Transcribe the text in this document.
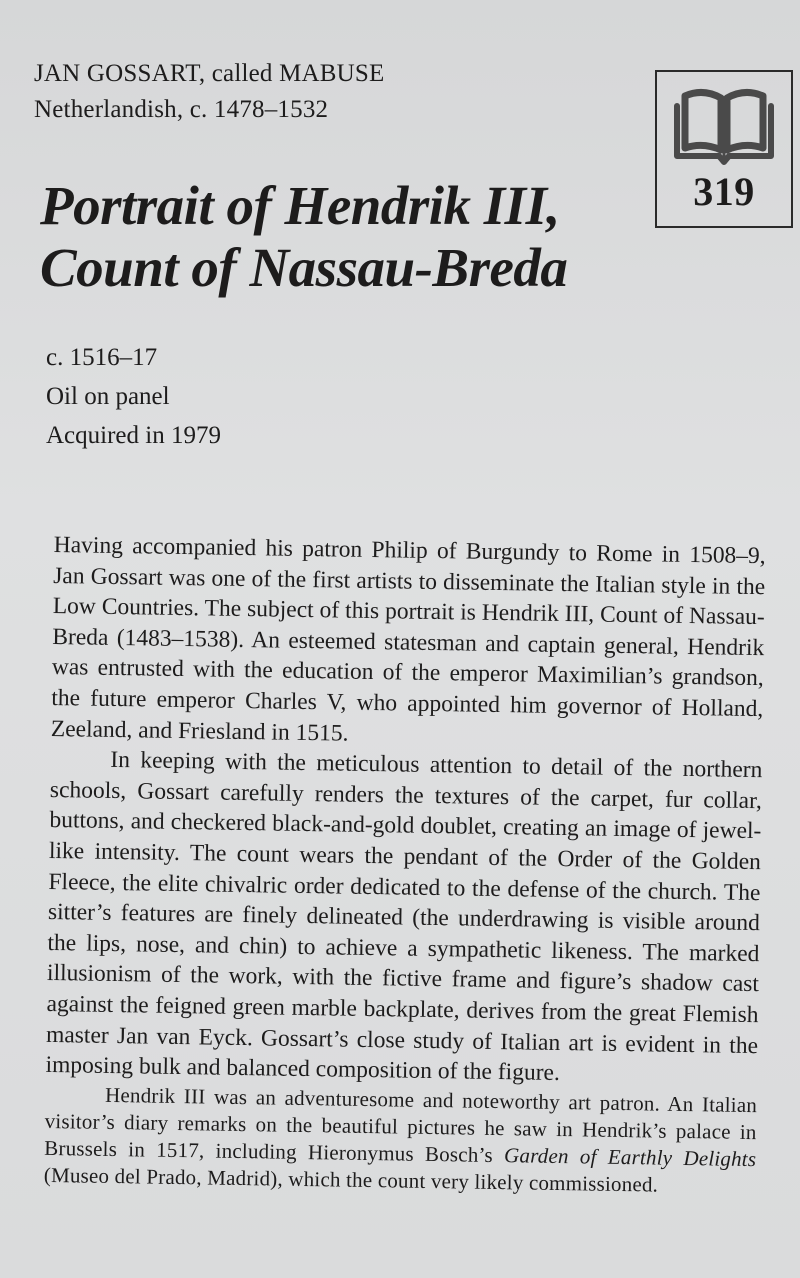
JAN GOSSART, called MABUSE
Netherlandish, c. 1478–1532
319
Portrait of Hendrik III,
Count of Nassau-Breda
c. 1516–17
Oil on panel
Acquired in 1979

Having accompanied his patron Philip of Burgundy to Rome in 1508–9, Jan Gossart was one of the first artists to disseminate the Italian style in the Low Countries. The subject of this portrait is Hendrik III, Count of Nassau-Breda (1483–1538). An esteemed statesman and captain general, Hendrik was entrusted with the education of the emperor Maximilian’s grandson, the future emperor Charles V, who appointed him governor of Holland, Zeeland, and Friesland in 1515.

In keeping with the meticulous attention to detail of the northern schools, Gossart carefully renders the textures of the carpet, fur collar, buttons, and checkered black-and-gold doublet, creating an image of jewel-like intensity. The count wears the pendant of the Order of the Golden Fleece, the elite chivalric order dedicated to the defense of the church. The sitter’s features are finely delineated (the underdrawing is visible around the lips, nose, and chin) to achieve a sympathetic likeness. The marked illusionism of the work, with the fictive frame and figure’s shadow cast against the feigned green marble backplate, derives from the great Flemish master Jan van Eyck. Gossart’s close study of Italian art is evident in the imposing bulk and balanced composition of the figure.

Hendrik III was an adventuresome and noteworthy art patron. An Italian visitor’s diary remarks on the beautiful pictures he saw in Hendrik’s palace in Brussels in 1517, including Hieronymus Bosch’s Garden of Earthly Delights (Museo del Prado, Madrid), which the count very likely commissioned.
